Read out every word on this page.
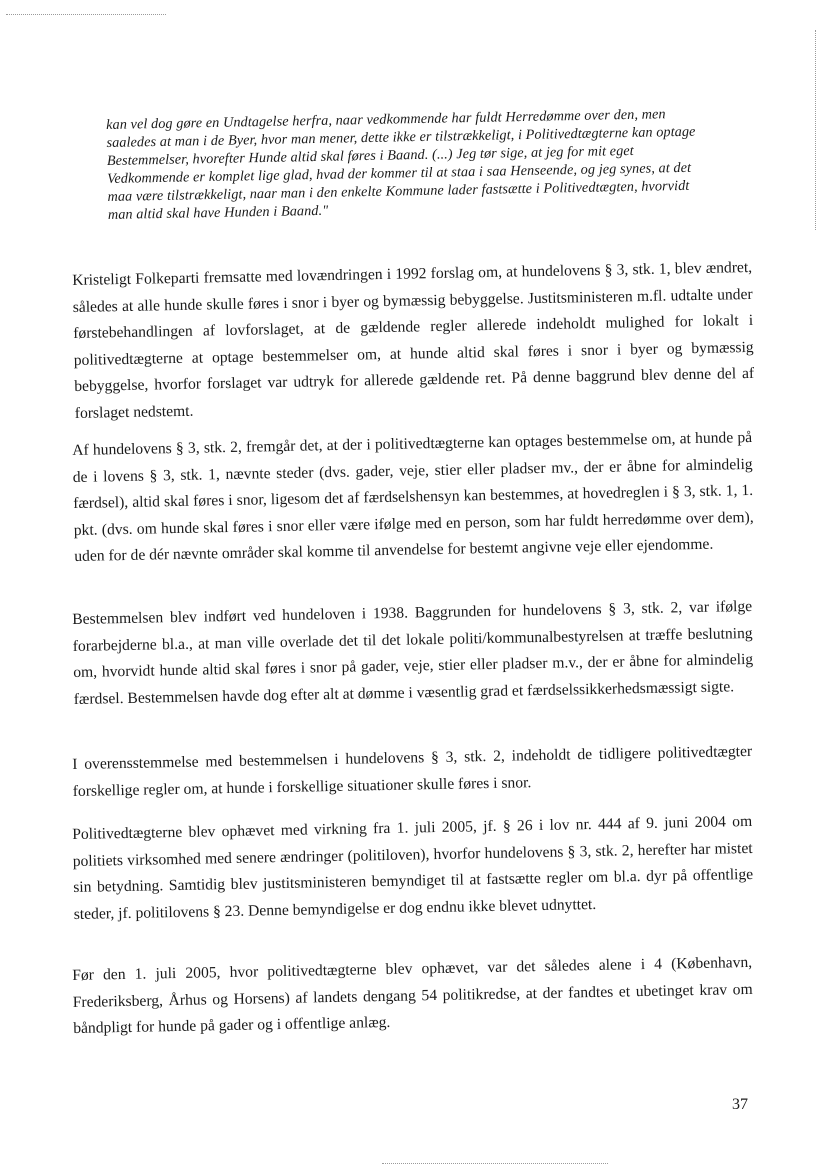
kan vel dog gøre en Undtagelse herfra, naar vedkommende har fuldt Herredømme over den, men saaledes at man i de Byer, hvor man mener, dette ikke er tilstrækkeligt, i Politivedtægterne kan optage Bestemmelser, hvorefter Hunde altid skal føres i Baand. (...) Jeg tør sige, at jeg for mit eget Vedkommende er komplet lige glad, hvad der kommer til at staa i saa Henseende, og jeg synes, at det maa være tilstrækkeligt, naar man i den enkelte Kommune lader fastsætte i Politivedtægten, hvorvidt man altid skal have Hunden i Baand."
Kristeligt Folkeparti fremsatte med lovændringen i 1992 forslag om, at hundelovens § 3, stk. 1, blev ændret, således at alle hunde skulle føres i snor i byer og bymæssig bebyggelse. Justitsministeren m.fl. udtalte under førstebehandlingen af lovforslaget, at de gældende regler allerede indeholdt mulighed for lokalt i politivedtægterne at optage bestemmelser om, at hunde altid skal føres i snor i byer og bymæssig bebyggelse, hvorfor forslaget var udtryk for allerede gældende ret. På denne baggrund blev denne del af forslaget nedstemt.
Af hundelovens § 3, stk. 2, fremgår det, at der i politivedtægterne kan optages bestemmelse om, at hunde på de i lovens § 3, stk. 1, nævnte steder (dvs. gader, veje, stier eller pladser mv., der er åbne for almindelig færdsel), altid skal føres i snor, ligesom det af færdselshensyn kan bestemmes, at hovedreglen i § 3, stk. 1, 1. pkt. (dvs. om hunde skal føres i snor eller være ifølge med en person, som har fuldt herredømme over dem), uden for de dér nævnte områder skal komme til anvendelse for bestemt angivne veje eller ejendomme.
Bestemmelsen blev indført ved hundeloven i 1938. Baggrunden for hundelovens § 3, stk. 2, var ifølge forarbejderne bl.a., at man ville overlade det til det lokale politi/kommunalbestyrelsen at træffe beslutning om, hvorvidt hunde altid skal føres i snor på gader, veje, stier eller pladser m.v., der er åbne for almindelig færdsel. Bestemmelsen havde dog efter alt at dømme i væsentlig grad et færdselssikkerhedsmæssigt sigte.
I overensstemmelse med bestemmelsen i hundelovens § 3, stk. 2, indeholdt de tidligere politivedtægter forskellige regler om, at hunde i forskellige situationer skulle føres i snor.
Politivedtægterne blev ophævet med virkning fra 1. juli 2005, jf. § 26 i lov nr. 444 af 9. juni 2004 om politiets virksomhed med senere ændringer (politiloven), hvorfor hundelovens § 3, stk. 2, herefter har mistet sin betydning. Samtidig blev justitsministeren bemyndiget til at fastsætte regler om bl.a. dyr på offentlige steder, jf. politilovens § 23. Denne bemyndigelse er dog endnu ikke blevet udnyttet.
Før den 1. juli 2005, hvor politivedtægterne blev ophævet, var det således alene i 4 (København, Frederiksberg, Århus og Horsens) af landets dengang 54 politikredse, at der fandtes et ubetinget krav om båndpligt for hunde på gader og i offentlige anlæg.
37
